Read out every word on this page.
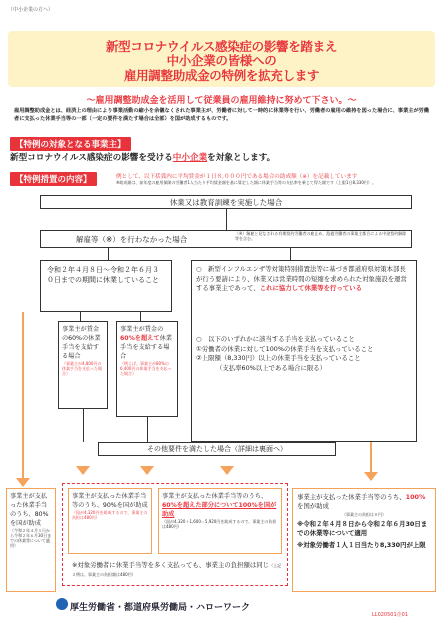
（中小企業の方へ）
新型コロナウイルス感染症の影響を踏まえ
中小企業の皆様への
雇用調整助成金の特例を拡充します
～雇用調整助成金を活用して従業員の雇用維持に努めて下さい。～
雇用調整助成金とは、経済上の理由により事業活動の縮小を余儀なくされた事業主が、労働者に対して一時的に休業等を行い、労働者の雇用の維持を図った場合に、事業主が労働者に支払った休業手当等の一部（一定の要件を満たす場合は全部）を国が助成するものです。
【特例の対象となる事業主】
新型コロナウイルス感染症の影響を受ける中小企業を対象とします。
【特例措置の内容】	例として、以下括弧内に平均賃金が１日８,０００円である場合の助成額（※）を記載しています
※助成額は、前年度の雇用保険の労働者1人当たり平均賃金額を基に算定した額に休業手当等の支払率を乗じて得た額です（上限1日8,330円）。
休業又は教育訓練を実施した場合
解雇等（※）を行わなかった場合
（※）解雇と見なされる有期契約労働者の雇止め、派遣労働者の事業主都合による中途契約解除等を含む。
令和２年４月８日～令和２年６月３０日までの期間に休業していること
○　新型インフルエンザ等対策特別措置法等に基づき都道府県対策本部長が行う要請により、休業又は営業時間の短縮を求められた対象施設を運営する事業主であって、これに協力して休業等を行っている
○　以下のいずれかに該当する手当を支払っていること
①労働者の休業に対して100%の休業手当を支払っていること
②上限額（8,330円）以上の休業手当を支払っていること
（支払率60%以上である場合に限る）
事業主が賃金の60%の休業手当を支給する場合
（事業主が4,800円の休業手当を支払った場合）
事業主が賃金の60%を超えて休業手当を支給する場合
（例えば、事業主が80%の6,400円の休業手当を支払った場合）
その他要件を満たした場合（詳細は裏面へ）
事業主が支払った休業手当のうち、80%を国が助成
（令和２年４月１日から令和２年６月30日までの休業等について適用）
事業主が支払った休業手当等のうち、90%を国が助成
（国が4,320円を助成するので、事業主の負担は480円）
事業主が支払った休業手当等のうち、60%を超えた部分について100%を国が助成
（国が4,320＋1,600＝5,920円を助成するので、事業主の負担は480円）
※対象労働者に休業手当等を多く支払っても、事業主の負担額は同じ（上記２例は、事業主の負担額は480円）
事業主が支払った休業手当等のうち、100%を国が助成
（事業主の負担は０円）
※令和２年４月８日から令和２年６月30日までの休業等について適用
※対象労働者１人１日当たり8,330円が上限
厚生労働省・都道府県労働局・ハローワーク
LL020501企01
